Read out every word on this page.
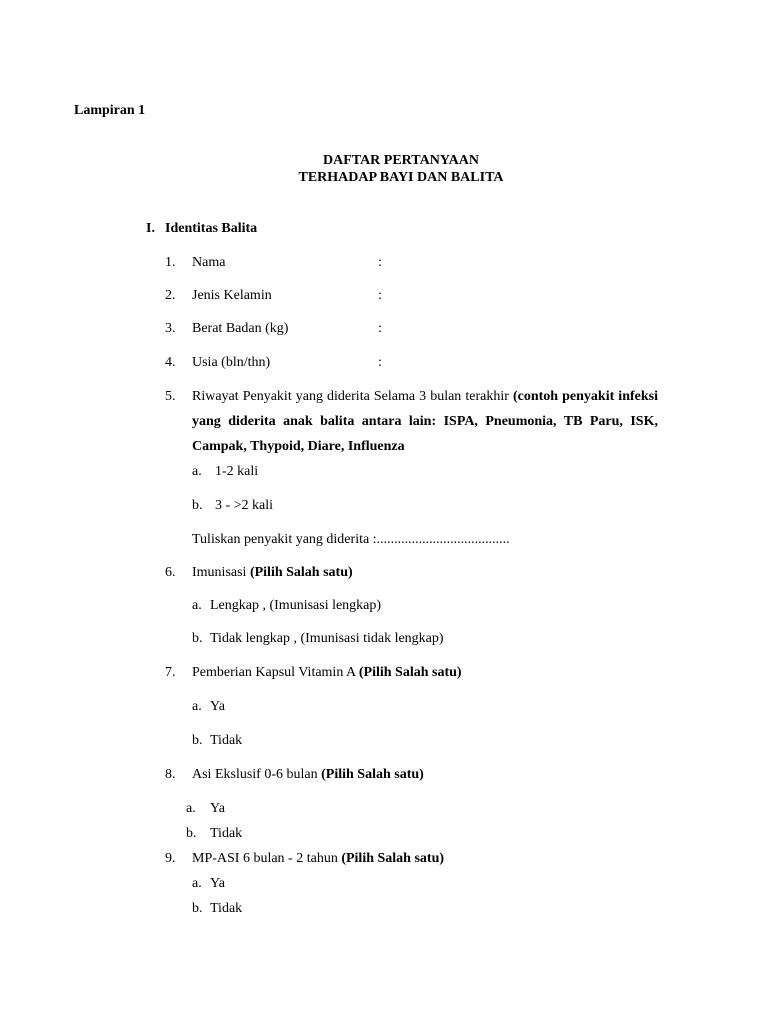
Lampiran 1
DAFTAR PERTANYAAN
TERHADAP BAYI DAN BALITA
I. Identitas Balita
1. Nama	:
2. Jenis Kelamin	:
3. Berat Badan (kg)	:
4. Usia (bln/thn)	:
5. Riwayat Penyakit yang diderita Selama 3 bulan terakhir (contoh penyakit infeksi yang diderita anak balita antara lain: ISPA, Pneumonia, TB Paru, ISK, Campak, Thypoid, Diare, Influenza
a. 1-2 kali
b. 3 - >2 kali
Tuliskan penyakit yang diderita :......................................
6. Imunisasi (Pilih Salah satu)
a. Lengkap , (Imunisasi lengkap)
b. Tidak lengkap , (Imunisasi tidak lengkap)
7. Pemberian Kapsul Vitamin A (Pilih Salah satu)
a. Ya
b. Tidak
8. Asi Ekslusif 0-6 bulan (Pilih Salah satu)
a. Ya
b. Tidak
9. MP-ASI 6 bulan - 2 tahun (Pilih Salah satu)
a. Ya
b. Tidak
